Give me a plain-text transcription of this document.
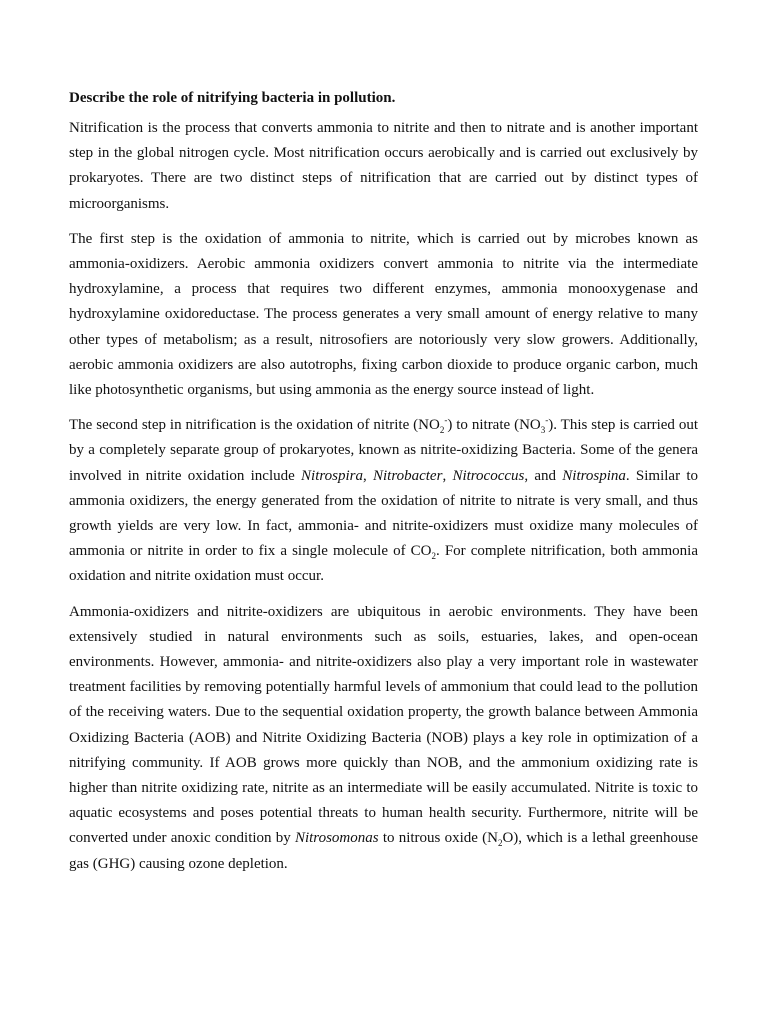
Describe the role of nitrifying bacteria in pollution.

Nitrification is the process that converts ammonia to nitrite and then to nitrate and is another important step in the global nitrogen cycle. Most nitrification occurs aerobically and is carried out exclusively by prokaryotes. There are two distinct steps of nitrification that are carried out by distinct types of microorganisms.

The first step is the oxidation of ammonia to nitrite, which is carried out by microbes known as ammonia-oxidizers. Aerobic ammonia oxidizers convert ammonia to nitrite via the intermediate hydroxylamine, a process that requires two different enzymes, ammonia monooxygenase and hydroxylamine oxidoreductase. The process generates a very small amount of energy relative to many other types of metabolism; as a result, nitrosofiers are notoriously very slow growers. Additionally, aerobic ammonia oxidizers are also autotrophs, fixing carbon dioxide to produce organic carbon, much like photosynthetic organisms, but using ammonia as the energy source instead of light.

The second step in nitrification is the oxidation of nitrite $(NO_2^-)$ to nitrate $(NO_3^-)$. This step is carried out by a completely separate group of prokaryotes, known as nitrite-oxidizing Bacteria. Some of the genera involved in nitrite oxidation include Nitrospira, Nitrobacter, Nitrococcus, and Nitrospina. Similar to ammonia oxidizers, the energy generated from the oxidation of nitrite to nitrate is very small, and thus growth yields are very low. In fact, ammonia- and nitrite-oxidizers must oxidize many molecules of ammonia or nitrite in order to fix a single molecule of $CO_2$. For complete nitrification, both ammonia oxidation and nitrite oxidation must occur.

Ammonia-oxidizers and nitrite-oxidizers are ubiquitous in aerobic environments. They have been extensively studied in natural environments such as soils, estuaries, lakes, and open-ocean environments. However, ammonia- and nitrite-oxidizers also play a very important role in wastewater treatment facilities by removing potentially harmful levels of ammonium that could lead to the pollution of the receiving waters. Due to the sequential oxidation property, the growth balance between Ammonia Oxidizing Bacteria (AOB) and Nitrite Oxidizing Bacteria (NOB) plays a key role in optimization of a nitrifying community. If AOB grows more quickly than NOB, and the ammonium oxidizing rate is higher than nitrite oxidizing rate, nitrite as an intermediate will be easily accumulated. Nitrite is toxic to aquatic ecosystems and poses potential threats to human health security. Furthermore, nitrite will be converted under anoxic condition by Nitrosomonas to nitrous oxide $(N_2O)$, which is a lethal greenhouse gas (GHG) causing ozone depletion.
